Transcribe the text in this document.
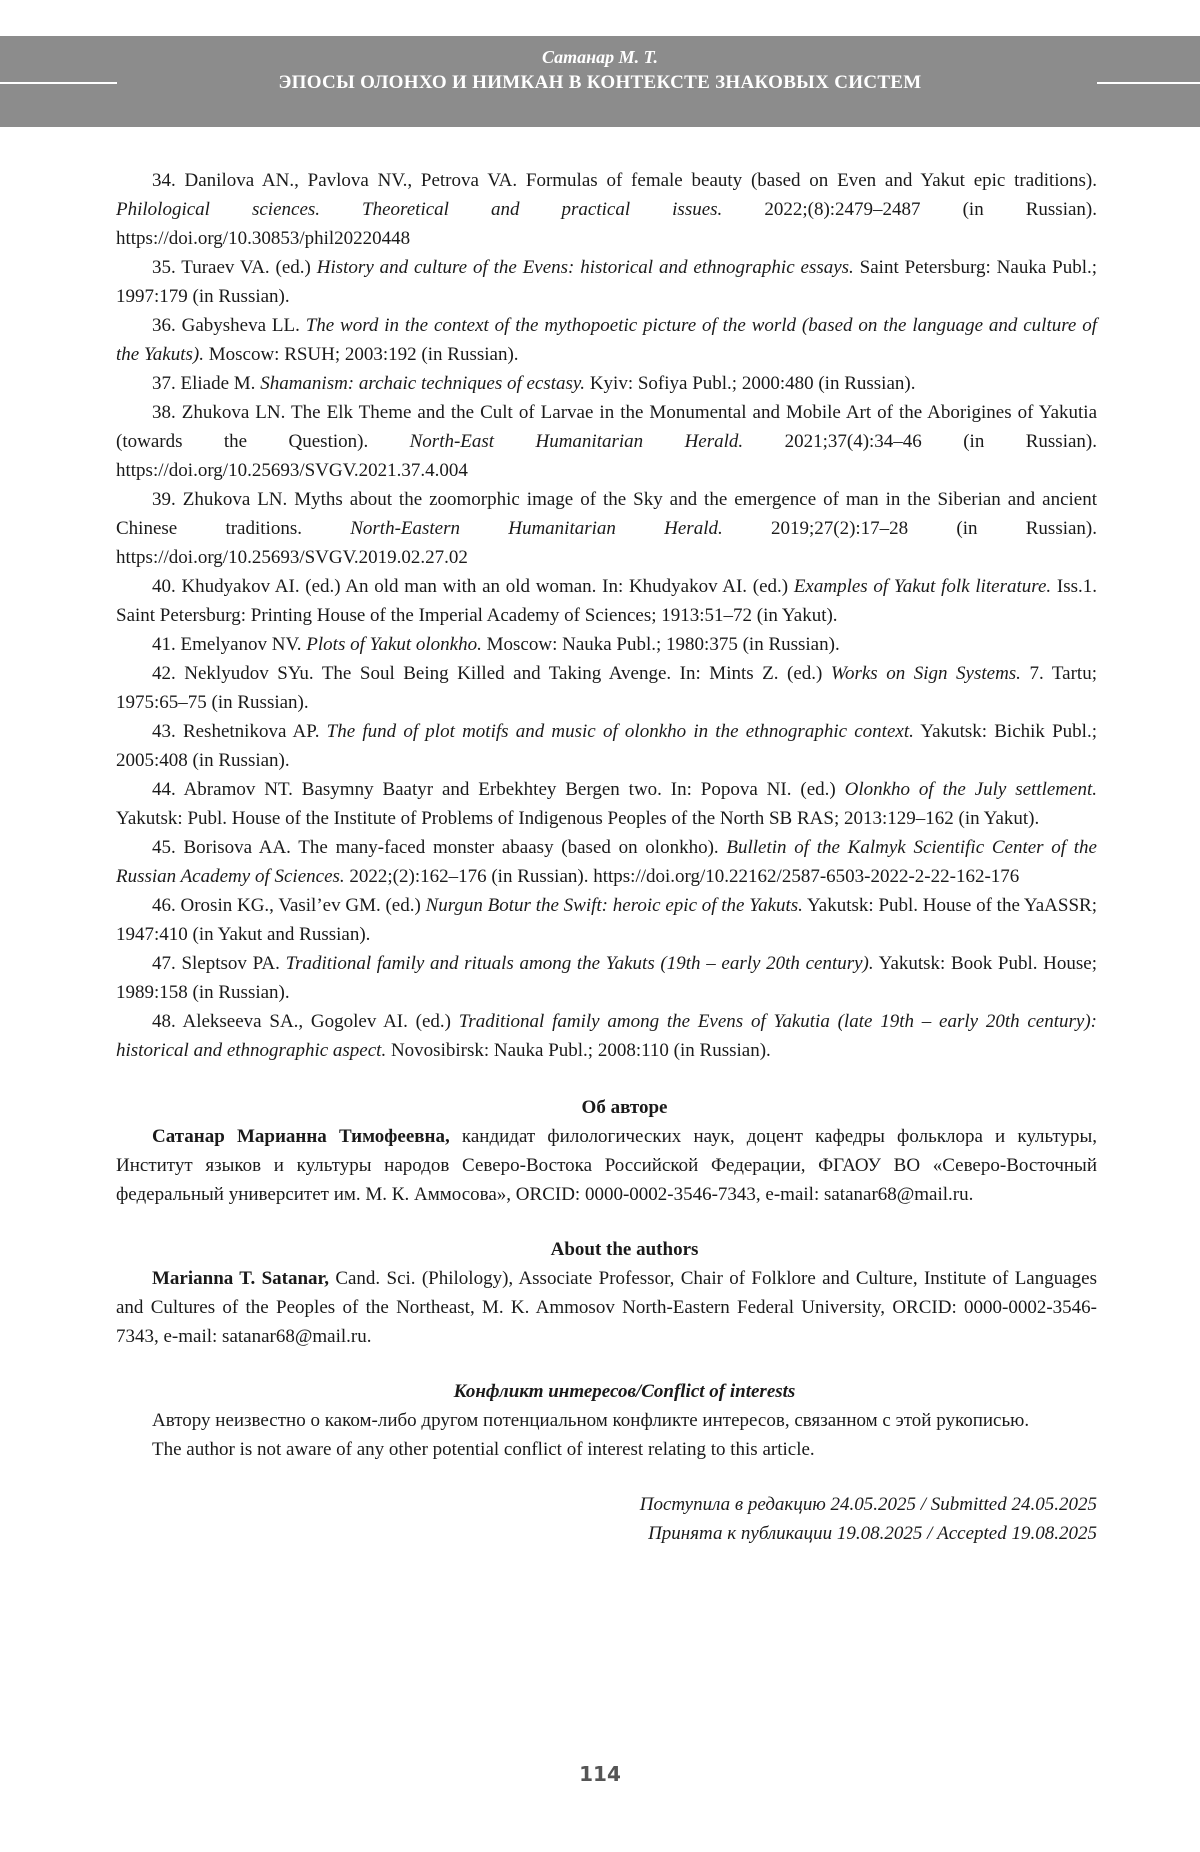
Сатанар М. Т.
ЭПОСЫ ОЛОНХО И НИМКАН В КОНТЕКСТЕ ЗНАКОВЫХ СИСТЕМ

34. Danilova AN., Pavlova NV., Petrova VA. Formulas of female beauty (based on Even and Yakut epic traditions). Philological sciences. Theoretical and practical issues. 2022;(8):2479–2487 (in Russian). https://doi.org/10.30853/phil20220448

35. Turaev VA. (ed.) History and culture of the Evens: historical and ethnographic essays. Saint Petersburg: Nauka Publ.; 1997:179 (in Russian).

36. Gabysheva LL. The word in the context of the mythopoetic picture of the world (based on the language and culture of the Yakuts). Moscow: RSUH; 2003:192 (in Russian).

37. Eliade M. Shamanism: archaic techniques of ecstasy. Kyiv: Sofiya Publ.; 2000:480 (in Russian).

38. Zhukova LN. The Elk Theme and the Cult of Larvae in the Monumental and Mobile Art of the Aborigines of Yakutia (towards the Question). North-East Humanitarian Herald. 2021;37(4):34–46 (in Russian). https://doi.org/10.25693/SVGV.2021.37.4.004

39. Zhukova LN. Myths about the zoomorphic image of the Sky and the emergence of man in the Siberian and ancient Chinese traditions. North-Eastern Humanitarian Herald. 2019;27(2):17–28 (in Russian). https://doi.org/10.25693/SVGV.2019.02.27.02

40. Khudyakov AI. (ed.) An old man with an old woman. In: Khudyakov AI. (ed.) Examples of Yakut folk literature. Iss.1. Saint Petersburg: Printing House of the Imperial Academy of Sciences; 1913:51–72 (in Yakut).

41. Emelyanov NV. Plots of Yakut olonkho. Moscow: Nauka Publ.; 1980:375 (in Russian).

42. Neklyudov SYu. The Soul Being Killed and Taking Avenge. In: Mints Z. (ed.) Works on Sign Systems. 7. Tartu; 1975:65–75 (in Russian).

43. Reshetnikova AP. The fund of plot motifs and music of olonkho in the ethnographic context. Yakutsk: Bichik Publ.; 2005:408 (in Russian).

44. Abramov NT. Basymny Baatyr and Erbekhtey Bergen two. In: Popova NI. (ed.) Olonkho of the July settlement. Yakutsk: Publ. House of the Institute of Problems of Indigenous Peoples of the North SB RAS; 2013:129–162 (in Yakut).

45. Borisova AA. The many-faced monster abaasy (based on olonkho). Bulletin of the Kalmyk Scientific Center of the Russian Academy of Sciences. 2022;(2):162–176 (in Russian). https://doi.org/10.22162/2587-6503-2022-2-22-162-176

46. Orosin KG., Vasil’ev GM. (ed.) Nurgun Botur the Swift: heroic epic of the Yakuts. Yakutsk: Publ. House of the YaASSR; 1947:410 (in Yakut and Russian).

47. Sleptsov PA. Traditional family and rituals among the Yakuts (19th – early 20th century). Yakutsk: Book Publ. House; 1989:158 (in Russian).

48. Alekseeva SA., Gogolev AI. (ed.) Traditional family among the Evens of Yakutia (late 19th – early 20th century): historical and ethnographic aspect. Novosibirsk: Nauka Publ.; 2008:110 (in Russian).

Об авторе

Сатанар Марианна Тимофеевна, кандидат филологических наук, доцент кафедры фольклора и культуры, Институт языков и культуры народов Северо-Востока Российской Федерации, ФГАОУ ВО «Северо-Восточный федеральный университет им. М. К. Аммосова», ORCID: 0000-0002-3546-7343, e-mail: satanar68@mail.ru.

About the authors

Marianna T. Satanar, Cand. Sci. (Philology), Associate Professor, Chair of Folklore and Culture, Institute of Languages and Cultures of the Peoples of the Northeast, M. K. Ammosov North-Eastern Federal University, ORCID: 0000-0002-3546-7343, e-mail: satanar68@mail.ru.

Конфликт интересов/Conflict of interests

Автору неизвестно о каком-либо другом потенциальном конфликте интересов, связанном с этой рукописью.

The author is not aware of any other potential conflict of interest relating to this article.

Поступила в редакцию 24.05.2025 / Submitted 24.05.2025
Принята к публикации 19.08.2025 / Accepted 19.08.2025
114
